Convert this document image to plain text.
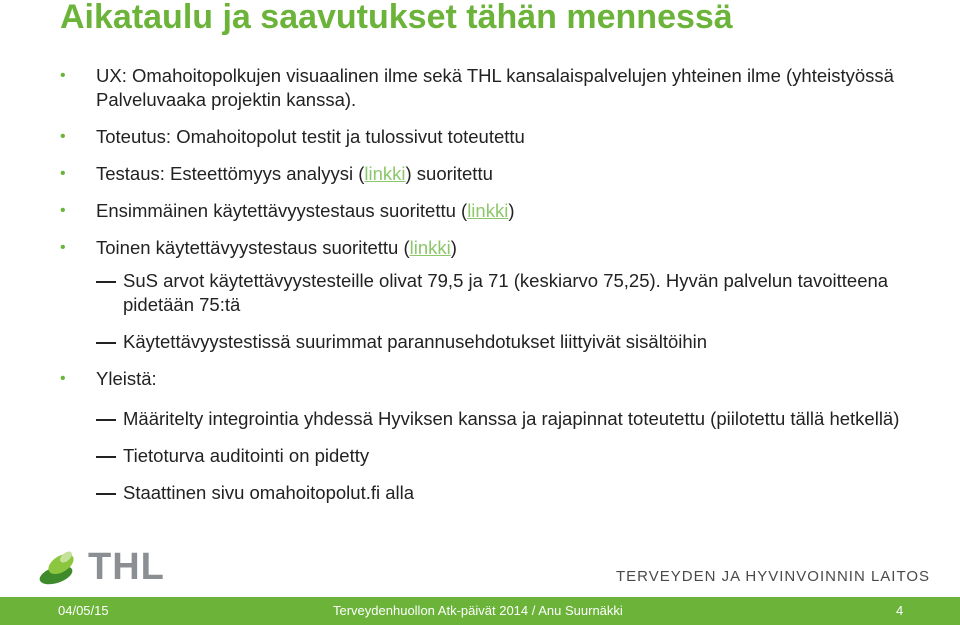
Aikataulu ja saavutukset tähän mennessä
• UX: Omahoitopolkujen visuaalinen ilme sekä THL kansalaispalvelujen yhteinen ilme (yhteistyössä Palveluvaaka projektin kanssa).
• Toteutus: Omahoitopolut testit ja tulossivut toteutettu
• Testaus: Esteettömyys analyysi (linkki) suoritettu
• Ensimmäinen käytettävyystestaus suoritettu (linkki)
• Toinen käytettävyystestaus suoritettu (linkki)
SuS arvot käytettävyystesteille olivat 79,5 ja 71 (keskiarvo 75,25). Hyvän palvelun tavoitteena pidetään 75:tä
Käytettävyystestissä suurimmat parannusehdotukset liittyivät sisältöihin
• Yleistä:
Määritelty integrointia yhdessä Hyviksen kanssa ja rajapinnat toteutettu (piilotettu tällä hetkellä)
Tietoturva auditointi on pidetty
Staattinen sivu omahoitopolut.fi alla
THL	TERVEYDEN JA HYVINVOINNIN LAITOS
04/05/15	Terveydenhuollon Atk-päivät 2014 / Anu Suurnäkki	4
